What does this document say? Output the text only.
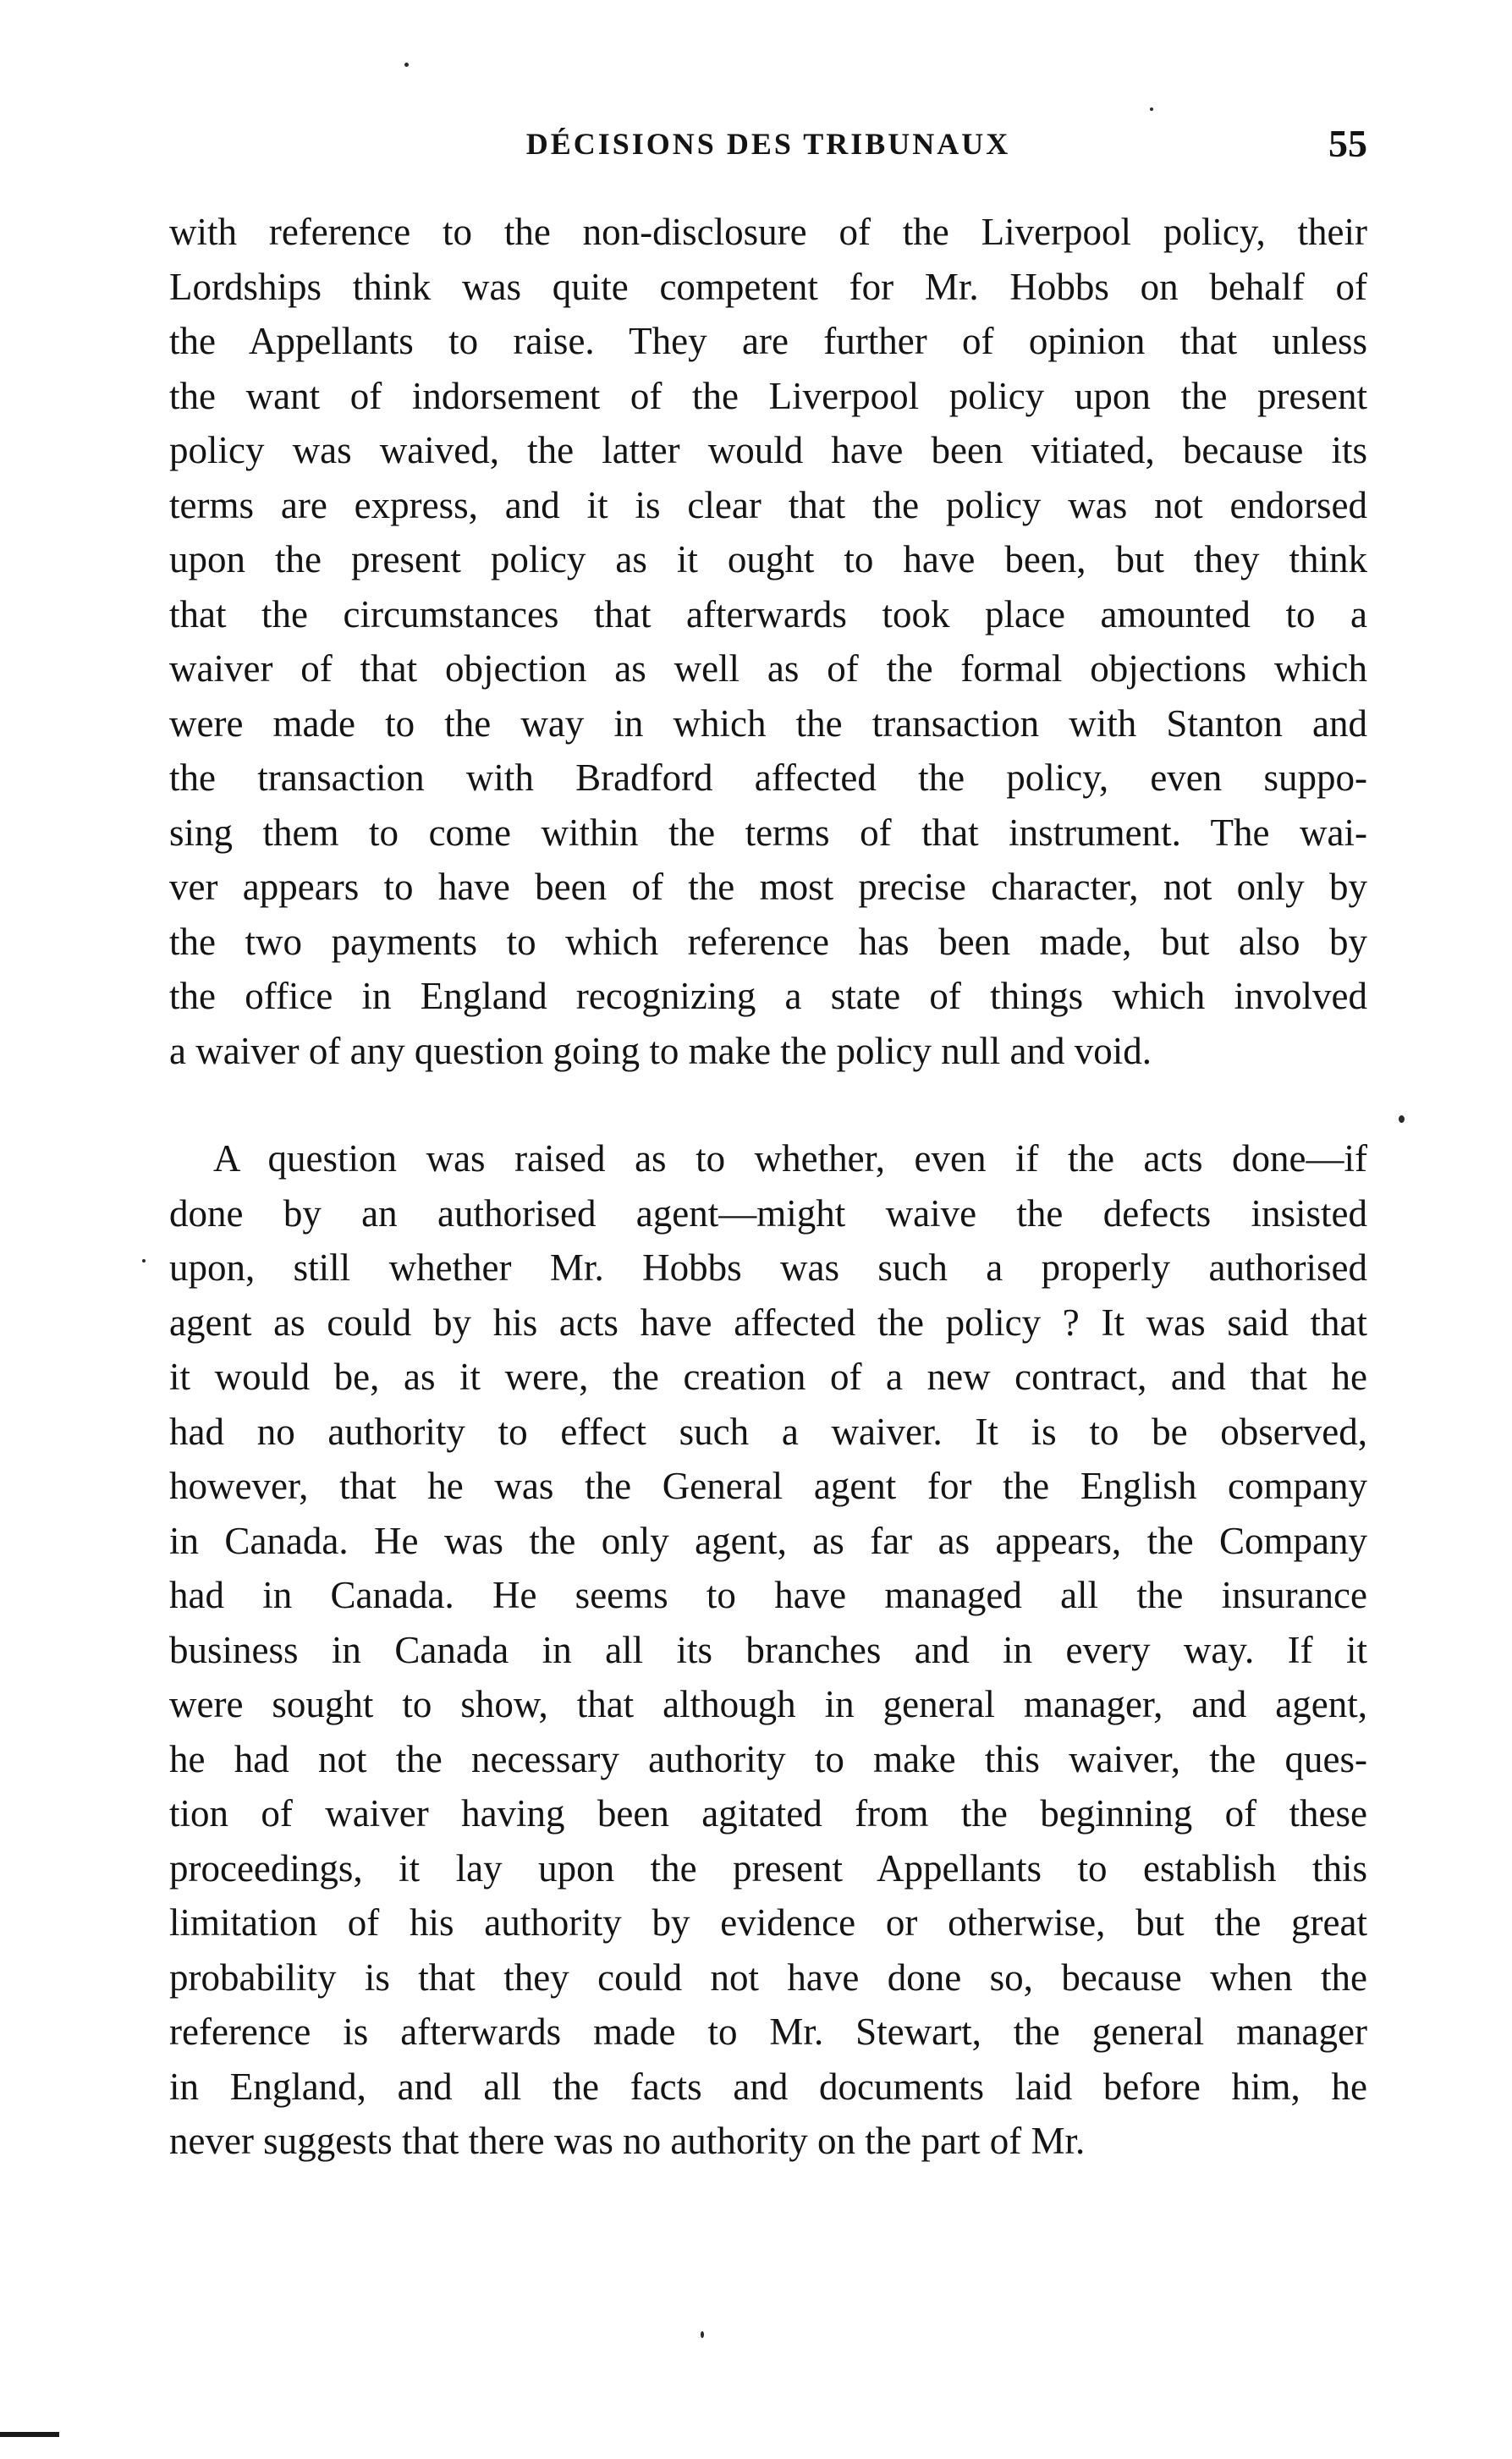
DÉCISIONS DES TRIBUNAUX	55
with reference to the non-disclosure of the Liverpool policy, their
Lordships think was quite competent for Mr. Hobbs on behalf of
the Appellants to raise. They are further of opinion that unless
the want of indorsement of the Liverpool policy upon the present
policy was waived, the latter would have been vitiated, because its
terms are express, and it is clear that the policy was not endorsed
upon the present policy as it ought to have been, but they think
that the circumstances that afterwards took place amounted to a
waiver of that objection as well as of the formal objections which
were made to the way in which the transaction with Stanton and
the transaction with Bradford affected the policy, even suppo-
sing them to come within the terms of that instrument. The wai-
ver appears to have been of the most precise character, not only by
the two payments to which reference has been made, but also by
the office in England recognizing a state of things which involved
a waiver of any question going to make the policy null and void.
A question was raised as to whether, even if the acts done—if
done by an authorised agent—might waive the defects insisted
upon, still whether Mr. Hobbs was such a properly authorised
agent as could by his acts have affected the policy ? It was said that
it would be, as it were, the creation of a new contract, and that he
had no authority to effect such a waiver. It is to be observed,
however, that he was the General agent for the English company
in Canada. He was the only agent, as far as appears, the Company
had in Canada. He seems to have managed all the insurance
business in Canada in all its branches and in every way. If it
were sought to show, that although in general manager, and agent,
he had not the necessary authority to make this waiver, the ques-
tion of waiver having been agitated from the beginning of these
proceedings, it lay upon the present Appellants to establish this
limitation of his authority by evidence or otherwise, but the great
probability is that they could not have done so, because when the
reference is afterwards made to Mr. Stewart, the general manager
in England, and all the facts and documents laid before him, he
never suggests that there was no authority on the part of Mr.
